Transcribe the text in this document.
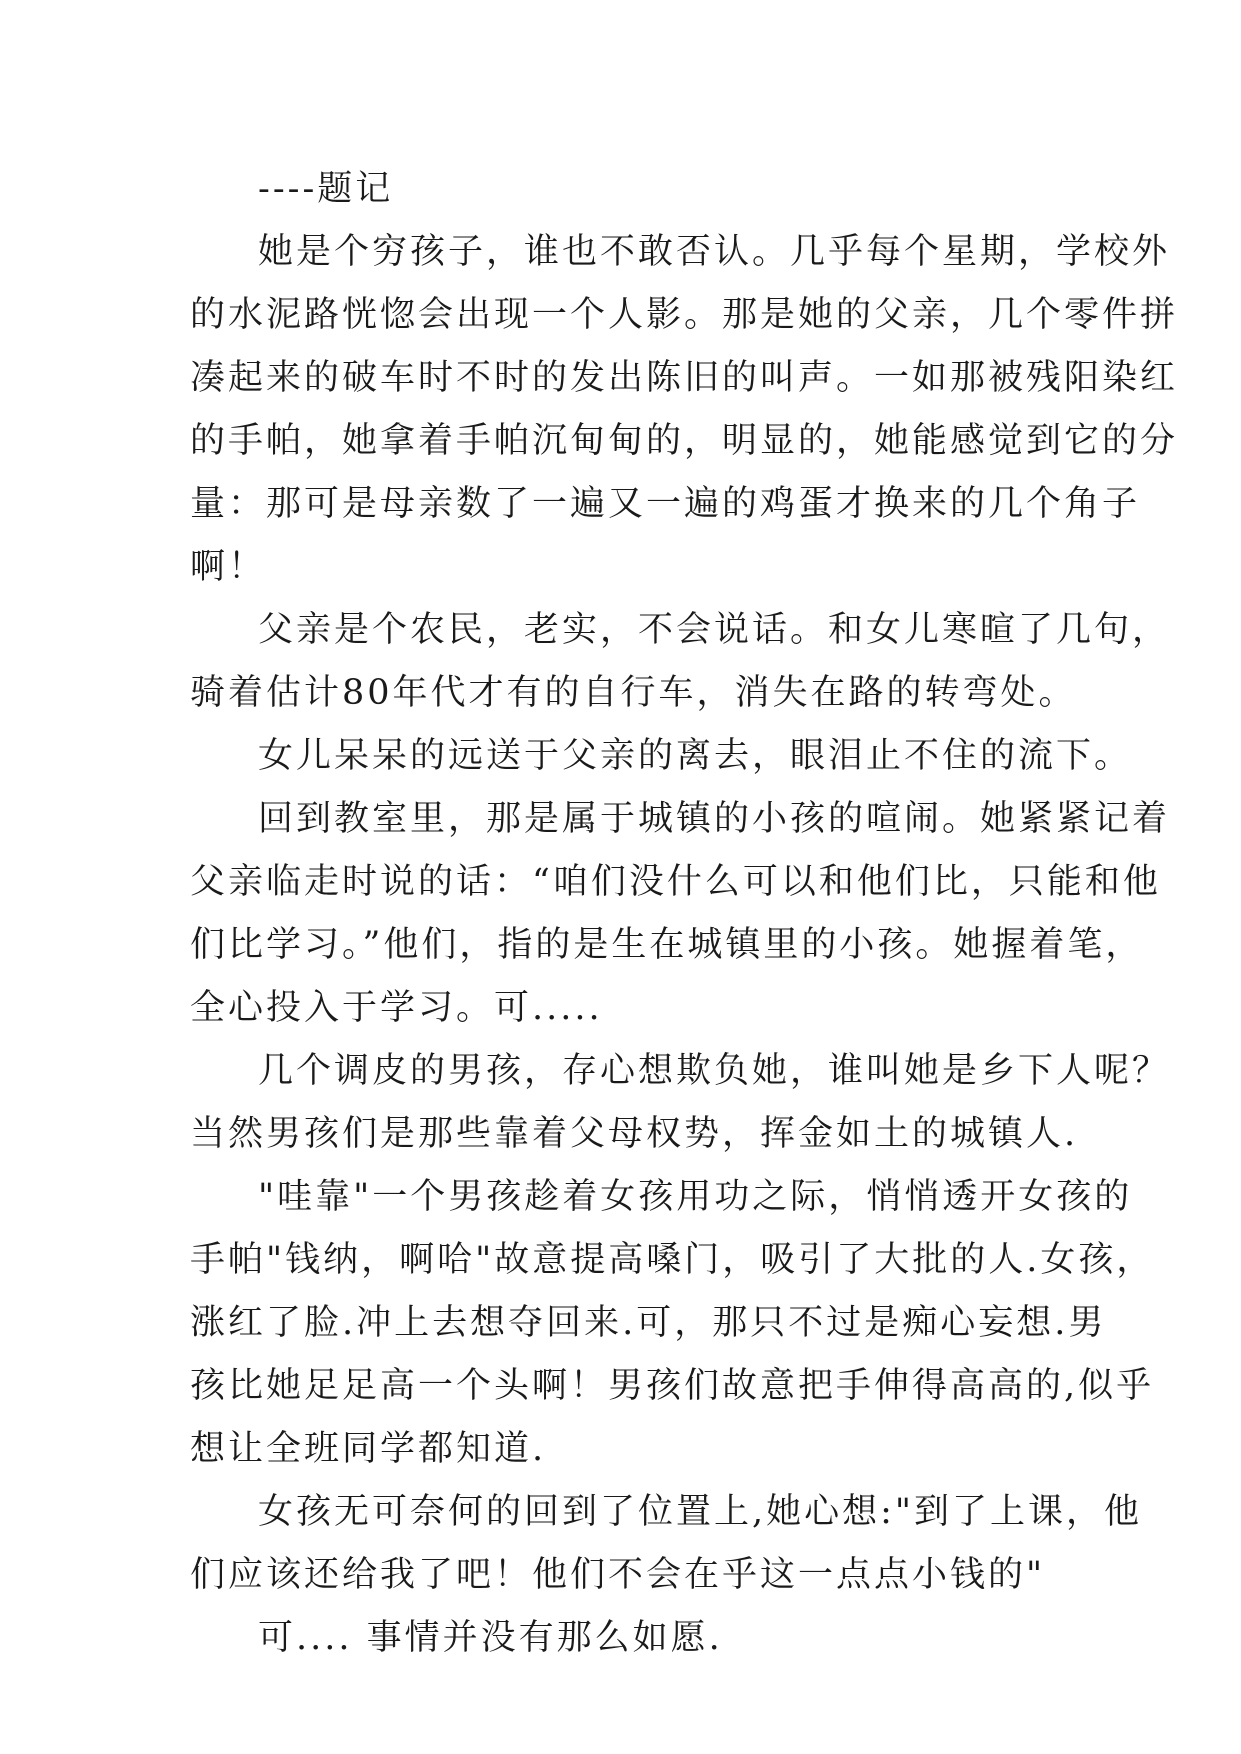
----题记
她是个穷孩子，谁也不敢否认。几乎每个星期，学校外
的水泥路恍惚会出现一个人影。那是她的父亲，几个零件拼
凑起来的破车时不时的发出陈旧的叫声。一如那被残阳染红
的手帕，她拿着手帕沉甸甸的，明显的，她能感觉到它的分
量：那可是母亲数了一遍又一遍的鸡蛋才换来的几个角子
啊！
父亲是个农民，老实，不会说话。和女儿寒暄了几句，
骑着估计80年代才有的自行车，消失在路的转弯处。
女儿呆呆的远送于父亲的离去，眼泪止不住的流下。
回到教室里，那是属于城镇的小孩的喧闹。她紧紧记着
父亲临走时说的话：“咱们没什么可以和他们比，只能和他
们比学习。”他们，指的是生在城镇里的小孩。她握着笔，
全心投入于学习。可.....
几个调皮的男孩，存心想欺负她，谁叫她是乡下人呢？
当然男孩们是那些靠着父母权势，挥金如土的城镇人.
"哇靠"一个男孩趁着女孩用功之际，悄悄透开女孩的
手帕"钱纳，啊哈"故意提高嗓门，吸引了大批的人.女孩，
涨红了脸.冲上去想夺回来.可，那只不过是痴心妄想.男
孩比她足足高一个头啊！男孩们故意把手伸得高高的,似乎
想让全班同学都知道.
女孩无可奈何的回到了位置上,她心想:"到了上课，他
们应该还给我了吧！他们不会在乎这一点点小钱的"
可.... 事情并没有那么如愿.
